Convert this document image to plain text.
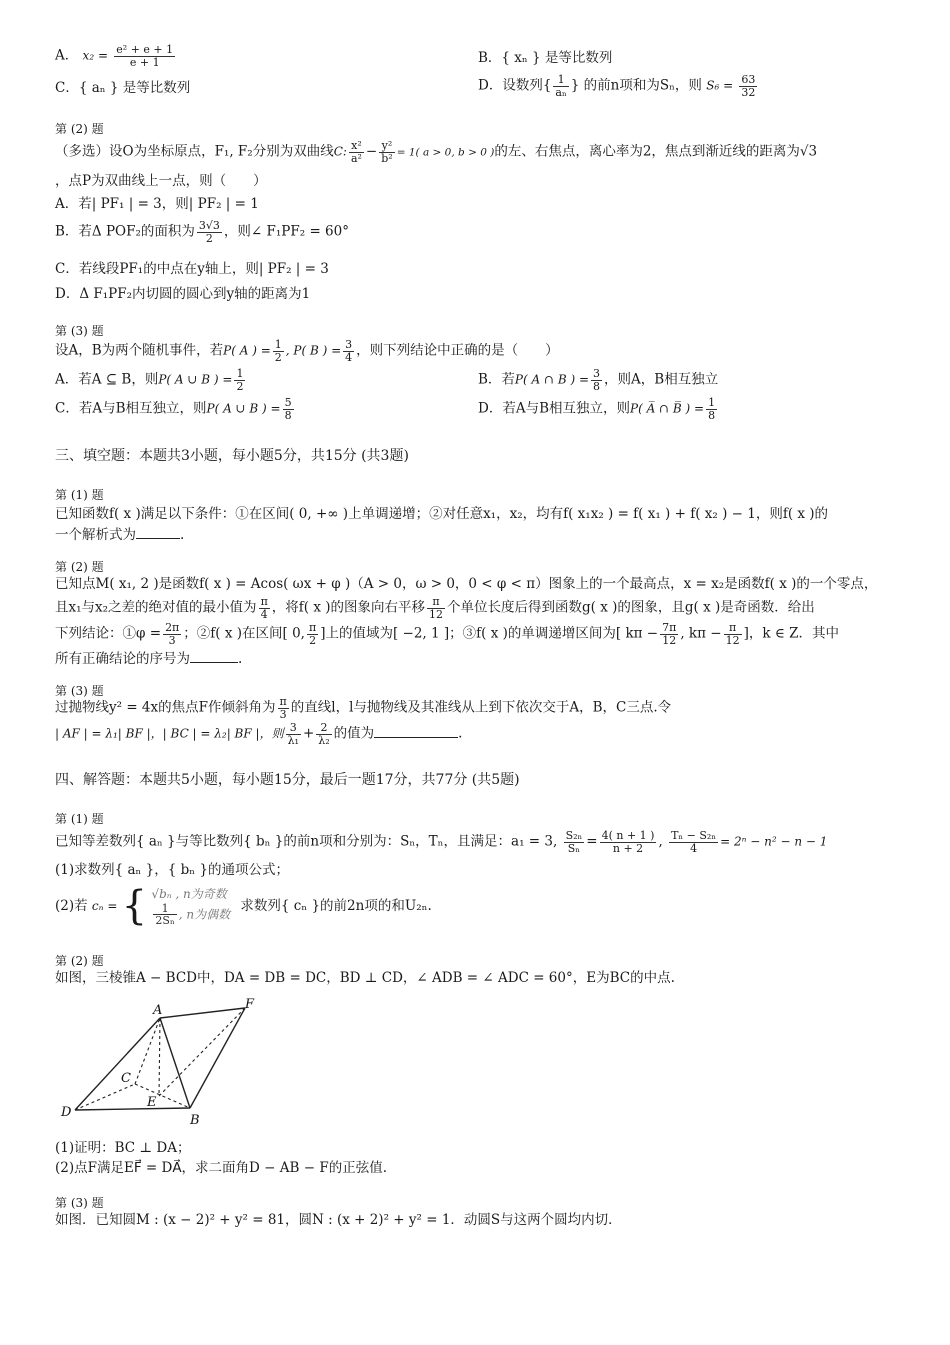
A． $x_2 = \frac{\text{e² + e + 1}}{e + 1}$	B．{ xₙ } 是等比数列
C．{ aₙ } 是等比数列	D．设数列{ $\frac{1}{\text{aₙ}}$ } 的前n项和为Sₙ，则 $S_6 = \frac{63}{32}$
第 (2) 题
（多选）设O为坐标原点，F₁, F₂分别为双曲线C: $\frac{\text{x²}}{\text{a²}} - \frac{\text{y²}}{\text{b²}} = 1$( a > 0, b > 0 )的左、右焦点，离心率为2，焦点到渐近线的距离为√3
，点P为双曲线上一点，则（　　）
A．若| PF₁ | = 3，则| PF₂ | = 1
B．若Δ POF₂的面积为 $\frac{3√3}{2}$ ，则∠ F₁PF₂ = 60°
C．若线段PF₁的中点在y轴上，则| PF₂ | = 3
D．Δ F₁PF₂内切圆的圆心到y轴的距离为1
第 (3) 题
设A，B为两个随机事件，若P( A ) = $\frac{1}{2}$ , P( B ) = $\frac{3}{4}$ ，则下列结论中正确的是（　　）
A．若A ⊆ B，则P( A ∪ B ) = $\frac{1}{2}$	B．若P( A ∩ B ) = $\frac{3}{8}$ ，则A，B相互独立
C．若A与B相互独立，则P( A ∪ B ) = $\frac{5}{8}$	D．若A与B相互独立，则P( A̅ ∩ B̅ ) = $\frac{1}{8}$
三、填空题：本题共3小题，每小题5分，共15分 (共3题)
第 (1) 题
已知函数f( x )满足以下条件：①在区间( 0, +∞ )上单调递增；②对任意x₁，x₂，均有f( x₁x₂ ) = f( x₁ ) + f( x₂ ) − 1，则f( x )的
一个解析式为	.
第 (2) 题
已知点M( x₁, 2 )是函数f( x ) = Acos( ωx + φ )（A > 0，ω > 0，0 < φ < π）图象上的一个最高点，x = x₂是函数f( x )的一个零点，
且x₁与x₂之差的绝对值的最小值为 $\frac{\pi}{4}$ ，将f( x )的图象向右平移 $\frac{\pi}{12}$ 个单位长度后得到函数g( x )的图象，且g( x )是奇函数．给出
下列结论：①φ = $\frac{2\pi}{3}$ ；②f( x )在区间[ 0, $\frac{\pi}{2}$ ]上的值域为[ −2, 1 ]；③f( x )的单调递增区间为[ $k\pi - \frac{7\pi}{12}$ , $k\pi - \frac{\pi}{12}$ ]，k ∈ Z．其中
所有正确结论的序号为	.
第 (3) 题
过抛物线y² = 4x的焦点F作倾斜角为 $\frac{\pi}{3}$ 的直线l，l与抛物线及其准线从上到下依次交于A，B，C三点.令
| AF | = λ₁| BF |，| BC | = λ₂| BF |，则 $\frac{3}{\text{λ₁}} + \frac{2}{\text{λ₂}}$ 的值为	.
四、解答题：本题共5小题，每小题15分，最后一题17分，共77分 (共5题)
第 (1) 题
已知等差数列{ aₙ }与等比数列{ bₙ }的前n项和分别为：Sₙ，Tₙ，且满足：a₁ = 3, $\frac{\text{S₂ₙ}}{\text{Sₙ}} = \frac{4( n + 1 )}{n + 2}$ , $\frac{\text{Tₙ − S₂ₙ}}{4} = 2^n - n^2 - n - 1$
(1)求数列{ aₙ }，{ bₙ }的通项公式；
(2)若 cₙ = { √bₙ , n为奇数
$\frac{1}{\text{2Sₙ}}$ , n为偶数
求数列{ cₙ }的前2n项的和U₂ₙ.
第 (2) 题
如图，三棱锥A − BCD中，DA = DB = DC，BD ⊥ CD，∠ ADB = ∠ ADC = 60°，E为BC的中点.
A
B
C
D
E
F
(1)证明：BC ⊥ DA；
(2)点F满足EF⃗ = DA⃗，求二面角D − AB − F的正弦值.
第 (3) 题
如图．已知圆M : (x − 2)² + y² = 81，圆N : (x + 2)² + y² = 1．动圆S与这两个圆均内切．
